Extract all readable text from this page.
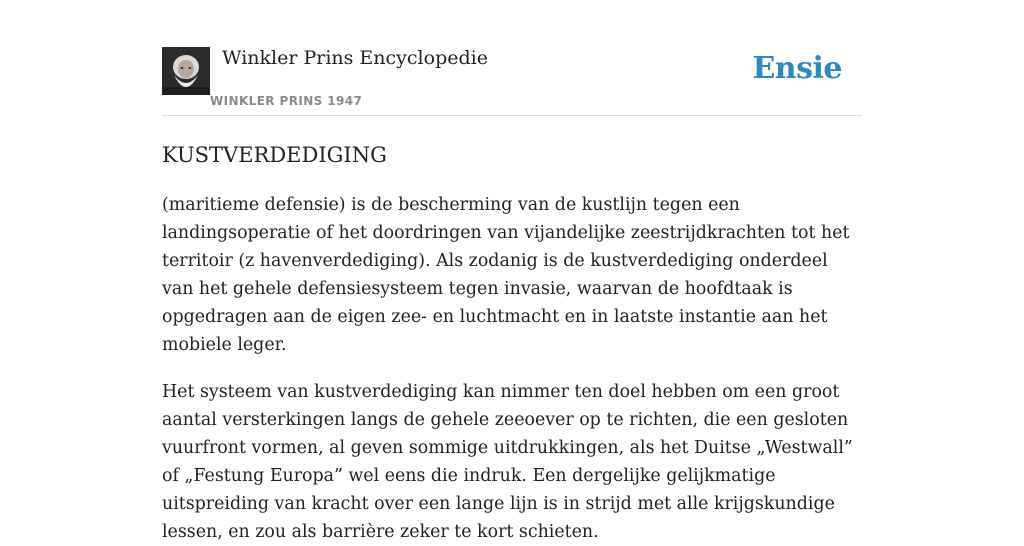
Winkler Prins Encyclopedie
WINKLER PRINS 1947
Ensie
KUSTVERDEDIGING

(maritieme defensie) is de bescherming van de kustlijn tegen een landingsoperatie of het doordringen van vijandelijke zeestrijdkrachten tot het territoir (z havenverdediging). Als zodanig is de kustverdediging onderdeel van het gehele defensiesysteem tegen invasie, waarvan de hoofdtaak is opgedragen aan de eigen zee- en luchtmacht en in laatste instantie aan het mobiele leger.

Het systeem van kustverdediging kan nimmer ten doel hebben om een groot aantal versterkingen langs de gehele zeeoever op te richten, die een gesloten vuurfront vormen, al geven sommige uitdrukkingen, als het Duitse „Westwall” of „Festung Europa” wel eens die indruk. Een dergelijke gelijkmatige uitspreiding van kracht over een lange lijn is in strijd met alle krijgskundige lessen, en zou als barrière zeker te kort schieten.
